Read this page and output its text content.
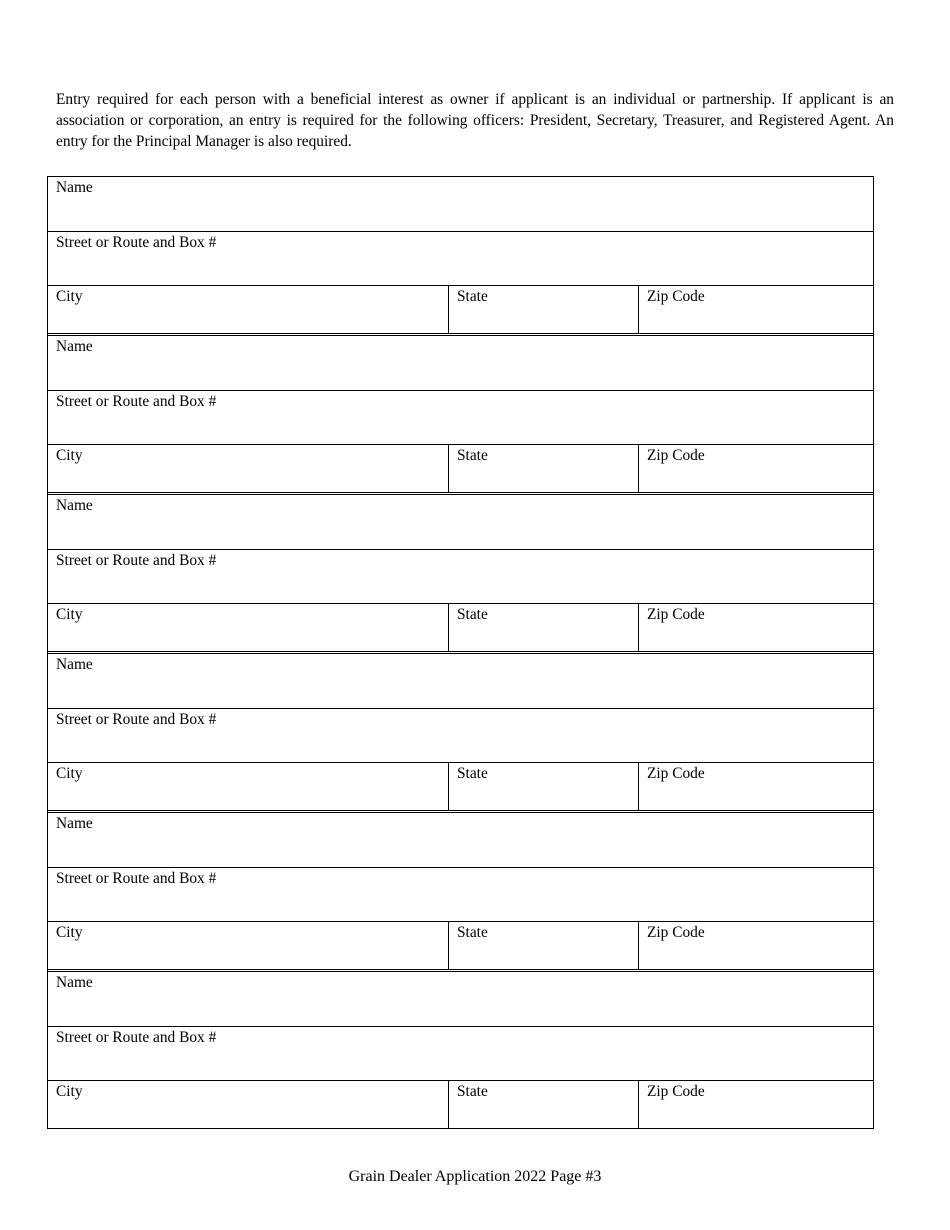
Entry required for each person with a beneficial interest as owner if applicant is an individual or partnership. If applicant is an association or corporation, an entry is required for the following officers: President, Secretary, Treasurer, and Registered Agent. An entry for the Principal Manager is also required.

Name
Street or Route and Box #
City	State	Zip Code
Name
Street or Route and Box #
City	State	Zip Code
Name
Street or Route and Box #
City	State	Zip Code
Name
Street or Route and Box #
City	State	Zip Code
Name
Street or Route and Box #
City	State	Zip Code
Name
Street or Route and Box #
City	State	Zip Code
Grain Dealer Application 2022 Page #3
